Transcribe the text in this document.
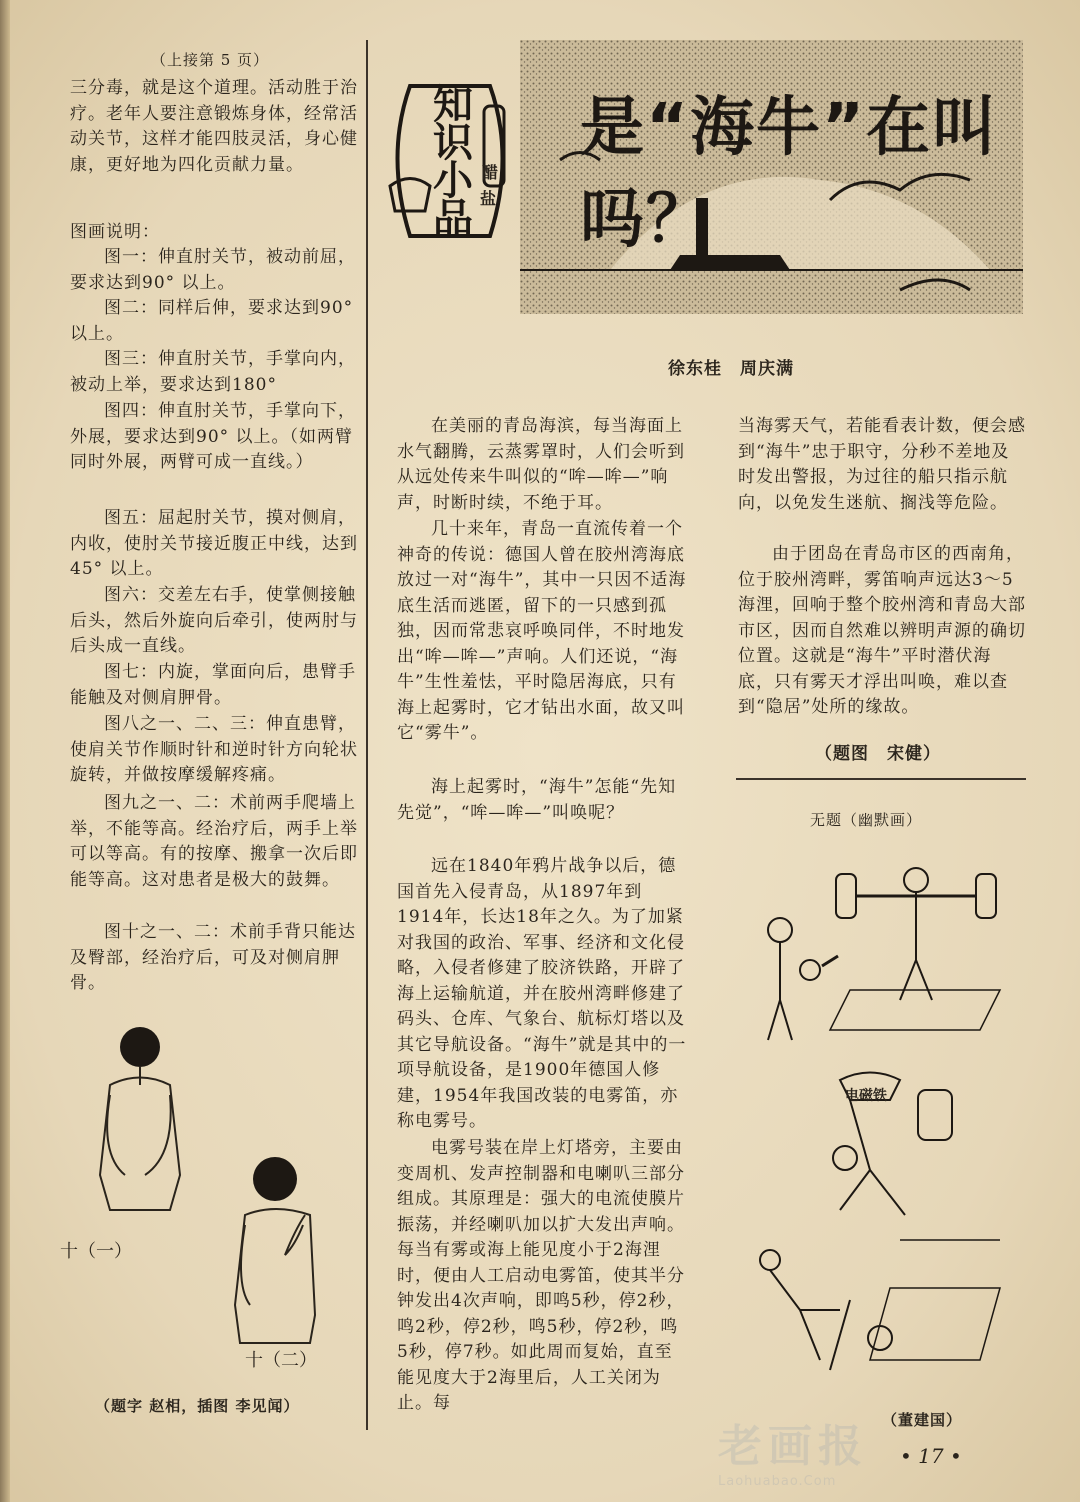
（上接第 5 页）

三分毒，就是这个道理。活动胜于治疗。老年人要注意锻炼身体，经常活动关节，这样才能四肢灵活，身心健康，更好地为四化贡献力量。

图画说明：

图一：伸直肘关节，被动前屈，要求达到90° 以上。

图二：同样后伸，要求达到90° 以上。

图三：伸直肘关节，手掌向内，被动上举，要求达到180°

图四：伸直肘关节，手掌向下，外展，要求达到90° 以上。（如两臂同时外展，两臂可成一直线。）

图五：屈起肘关节，摸对侧肩，内收，使肘关节接近腹正中线，达到45° 以上。

图六：交差左右手，使掌侧接触后头，然后外旋向后牵引，使两肘与后头成一直线。

图七：内旋，掌面向后，患臂手能触及对侧肩胛骨。

图八之一、二、三：伸直患臂，使肩关节作顺时针和逆时针方向轮状旋转，并做按摩缓解疼痛。

图九之一、二：术前两手爬墙上举，不能等高。经治疗后，两手上举可以等高。有的按摩、搬拿一次后即能等高。这对患者是极大的鼓舞。

图十之一、二：术前手背只能达及臀部，经治疗后，可及对侧肩胛骨。

十（一）
十（二）
（题字 赵相，插图 李见闻）
知识小品
醋
盐
是“海牛”在叫吗？
徐东桂　周庆满

在美丽的青岛海滨，每当海面上水气翻腾，云蒸雾罩时，人们会听到从远处传来牛叫似的“哞—哞—”响声，时断时续，不绝于耳。

几十来年，青岛一直流传着一个神奇的传说：德国人曾在胶州湾海底放过一对“海牛”，其中一只因不适海底生活而逃匿，留下的一只感到孤独，因而常悲哀呼唤同伴，不时地发出“哞—哞—”声响。人们还说，“海牛”生性羞怯，平时隐居海底，只有海上起雾时，它才钻出水面，故又叫它“雾牛”。

海上起雾时，“海牛”怎能“先知先觉”，“哞—哞—”叫唤呢？

远在1840年鸦片战争以后，德国首先入侵青岛，从1897年到1914年，长达18年之久。为了加紧对我国的政治、军事、经济和文化侵略，入侵者修建了胶济铁路，开辟了海上运输航道，并在胶州湾畔修建了码头、仓库、气象台、航标灯塔以及其它导航设备。“海牛”就是其中的一项导航设备，是1900年德国人修建，1954年我国改装的电雾笛，亦称电雾号。

电雾号装在岸上灯塔旁，主要由变周机、发声控制器和电喇叭三部分组成。其原理是：强大的电流使膜片振荡，并经喇叭加以扩大发出声响。每当有雾或海上能见度小于2海浬时，便由人工启动电雾笛，使其半分钟发出4次声响，即鸣5秒，停2秒，鸣2秒，停2秒，鸣5秒，停2秒，鸣5秒，停7秒。如此周而复始，直至能见度大于2海里后，人工关闭为止。每

当海雾天气，若能看表计数，便会感到“海牛”忠于职守，分秒不差地及时发出警报，为过往的船只指示航向，以免发生迷航、搁浅等危险。

由于团岛在青岛市区的西南角，位于胶州湾畔，雾笛响声远达3～5海浬，回响于整个胶州湾和青岛大部市区，因而自然难以辨明声源的确切位置。这就是“海牛”平时潜伏海底，只有雾天才浮出叫唤，难以查到“隐居”处所的缘故。

（题图　宋健）
无题（幽默画）
电磁铁
（董建国）
老画报
Laohuabao.Com
• 17 •
